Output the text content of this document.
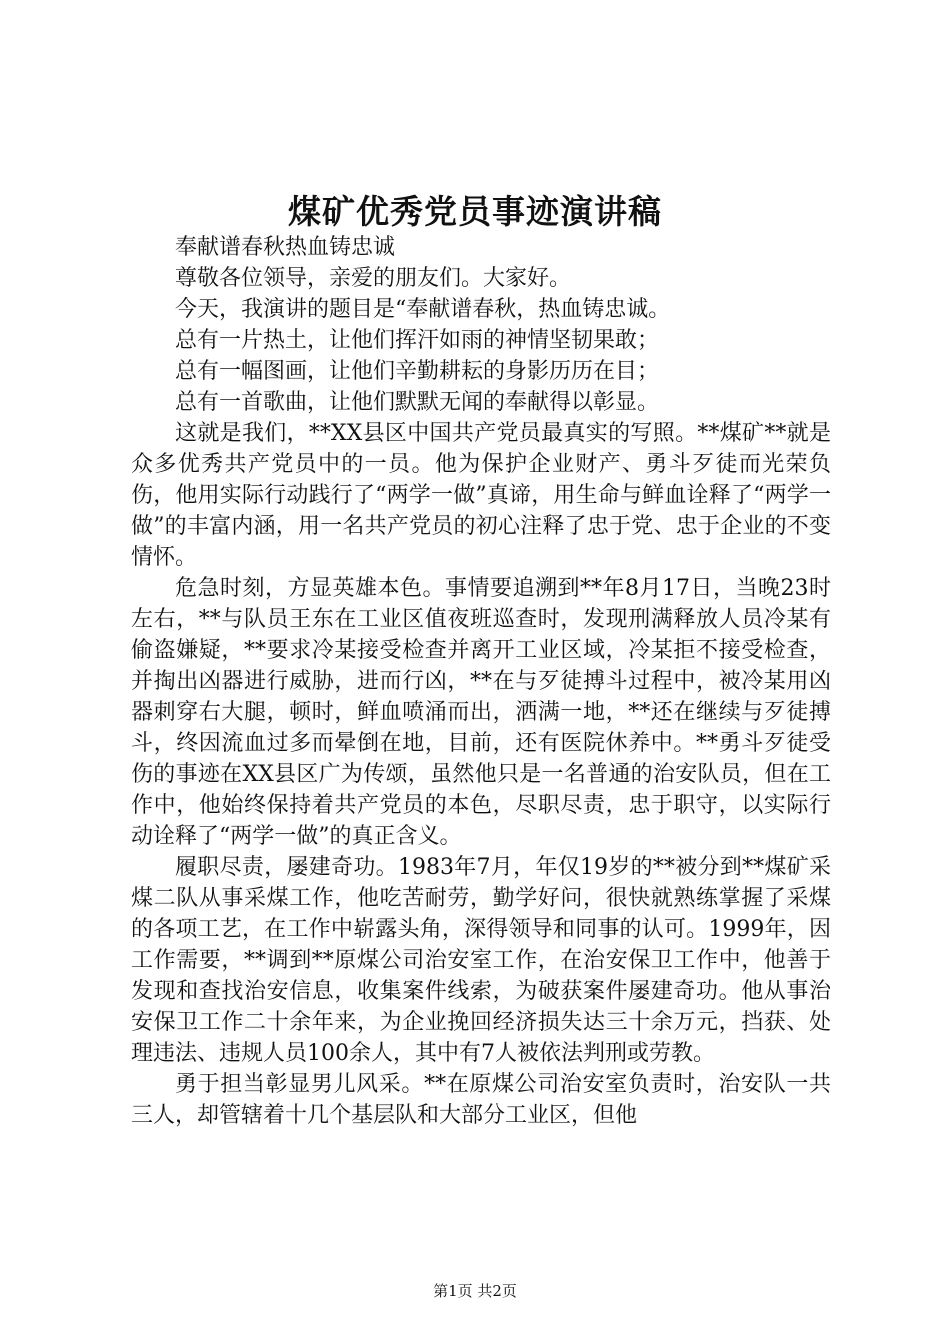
煤矿优秀党员事迹演讲稿

奉献谱春秋热血铸忠诚

尊敬各位领导，亲爱的朋友们。大家好。

今天，我演讲的题目是“奉献谱春秋，热血铸忠诚。

总有一片热土，让他们挥汗如雨的神情坚韧果敢；

总有一幅图画，让他们辛勤耕耘的身影历历在目；

总有一首歌曲，让他们默默无闻的奉献得以彰显。

这就是我们，**XX县区中国共产党员最真实的写照。**煤矿**就是众多优秀共产党员中的一员。他为保护企业财产、勇斗歹徒而光荣负伤，他用实际行动践行了“两学一做”真谛，用生命与鲜血诠释了“两学一做”的丰富内涵，用一名共产党员的初心注释了忠于党、忠于企业的不变情怀。

危急时刻，方显英雄本色。事情要追溯到**年8月17日，当晚23时左右，**与队员王东在工业区值夜班巡查时，发现刑满释放人员冷某有偷盗嫌疑，**要求冷某接受检查并离开工业区域，冷某拒不接受检查，并掏出凶器进行威胁，进而行凶，**在与歹徒搏斗过程中，被冷某用凶器刺穿右大腿，顿时，鲜血喷涌而出，洒满一地，**还在继续与歹徒搏斗，终因流血过多而晕倒在地，目前，还有医院休养中。**勇斗歹徒受伤的事迹在XX县区广为传颂，虽然他只是一名普通的治安队员，但在工作中，他始终保持着共产党员的本色，尽职尽责，忠于职守，以实际行动诠释了“两学一做”的真正含义。

履职尽责，屡建奇功。1983年7月，年仅19岁的**被分到**煤矿采煤二队从事采煤工作，他吃苦耐劳，勤学好问，很快就熟练掌握了采煤的各项工艺，在工作中崭露头角，深得领导和同事的认可。1999年，因工作需要，**调到**原煤公司治安室工作，在治安保卫工作中，他善于发现和查找治安信息，收集案件线索，为破获案件屡建奇功。他从事治安保卫工作二十余年来，为企业挽回经济损失达三十余万元，挡获、处理违法、违规人员100余人，其中有7人被依法判刑或劳教。

勇于担当彰显男儿风采。**在原煤公司治安室负责时，治安队一共三人，却管辖着十几个基层队和大部分工业区，但他

第1页 共2页
